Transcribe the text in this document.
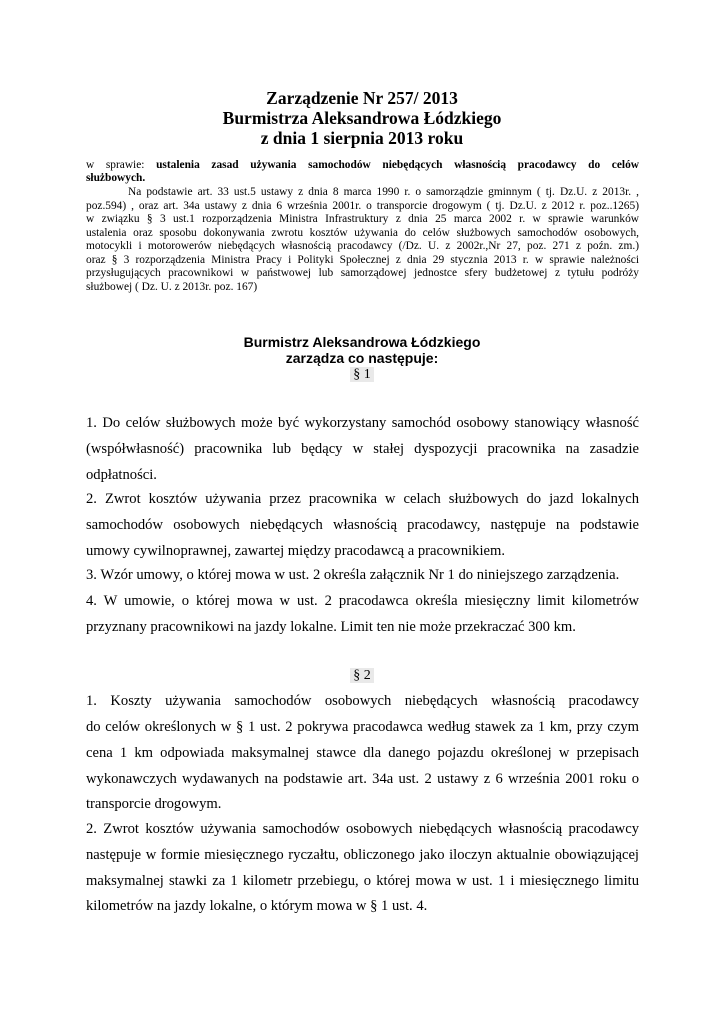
Zarządzenie Nr 257/ 2013
Burmistrza Aleksandrowa Łódzkiego
z dnia 1 sierpnia 2013 roku
w sprawie: ustalenia zasad używania samochodów niebędących własnością pracodawcy do celów
służbowych.
Na podstawie art. 33 ust.5 ustawy z dnia 8 marca 1990 r. o samorządzie gminnym ( tj. Dz.U. z 2013r. ,
poz.594) , oraz art. 34a ustawy z dnia 6 września 2001r. o transporcie drogowym ( tj. Dz.U. z 2012 r. poz..1265)
w związku § 3 ust.1 rozporządzenia Ministra Infrastruktury z dnia 25 marca 2002 r. w sprawie warunków
ustalenia oraz sposobu dokonywania zwrotu kosztów używania do celów służbowych samochodów osobowych,
motocykli i motorowerów niebędących własnością pracodawcy (/Dz. U. z 2002r.,Nr 27, poz. 271 z poźn. zm.)
oraz § 3 rozporządzenia Ministra Pracy i Polityki Społecznej z dnia 29 stycznia 2013 r. w sprawie należności
przysługujących pracownikowi w państwowej lub samorządowej jednostce sfery budżetowej z tytułu podróży
służbowej ( Dz. U. z 2013r. poz. 167)
Burmistrz Aleksandrowa Łódzkiego
zarządza co następuje:
§ 1
1. Do celów służbowych może być wykorzystany samochód osobowy stanowiący własność
(współwłasność) pracownika lub będący w stałej dyspozycji pracownika na zasadzie
odpłatności.
2. Zwrot kosztów używania przez pracownika w celach służbowych do jazd lokalnych
samochodów osobowych niebędących własnością pracodawcy, następuje na podstawie
umowy cywilnoprawnej, zawartej między pracodawcą a pracownikiem.
3. Wzór umowy, o której mowa w ust. 2 określa załącznik Nr 1 do niniejszego zarządzenia.
4. W umowie, o której mowa w ust. 2 pracodawca określa miesięczny limit kilometrów
przyznany pracownikowi na jazdy lokalne. Limit ten nie może przekraczać 300 km.
§ 2
1. Koszty używania samochodów osobowych niebędących własnością pracodawcy
do celów określonych w § 1 ust. 2 pokrywa pracodawca według stawek za 1 km, przy czym
cena 1 km odpowiada maksymalnej stawce dla danego pojazdu określonej w przepisach
wykonawczych wydawanych na podstawie art. 34a ust. 2 ustawy z 6 września 2001 roku o
transporcie drogowym.
2. Zwrot kosztów używania samochodów osobowych niebędących własnością pracodawcy
następuje w formie miesięcznego ryczałtu, obliczonego jako iloczyn aktualnie obowiązującej
maksymalnej stawki za 1 kilometr przebiegu, o której mowa w ust. 1 i miesięcznego limitu
kilometrów na jazdy lokalne, o którym mowa w § 1 ust. 4.
